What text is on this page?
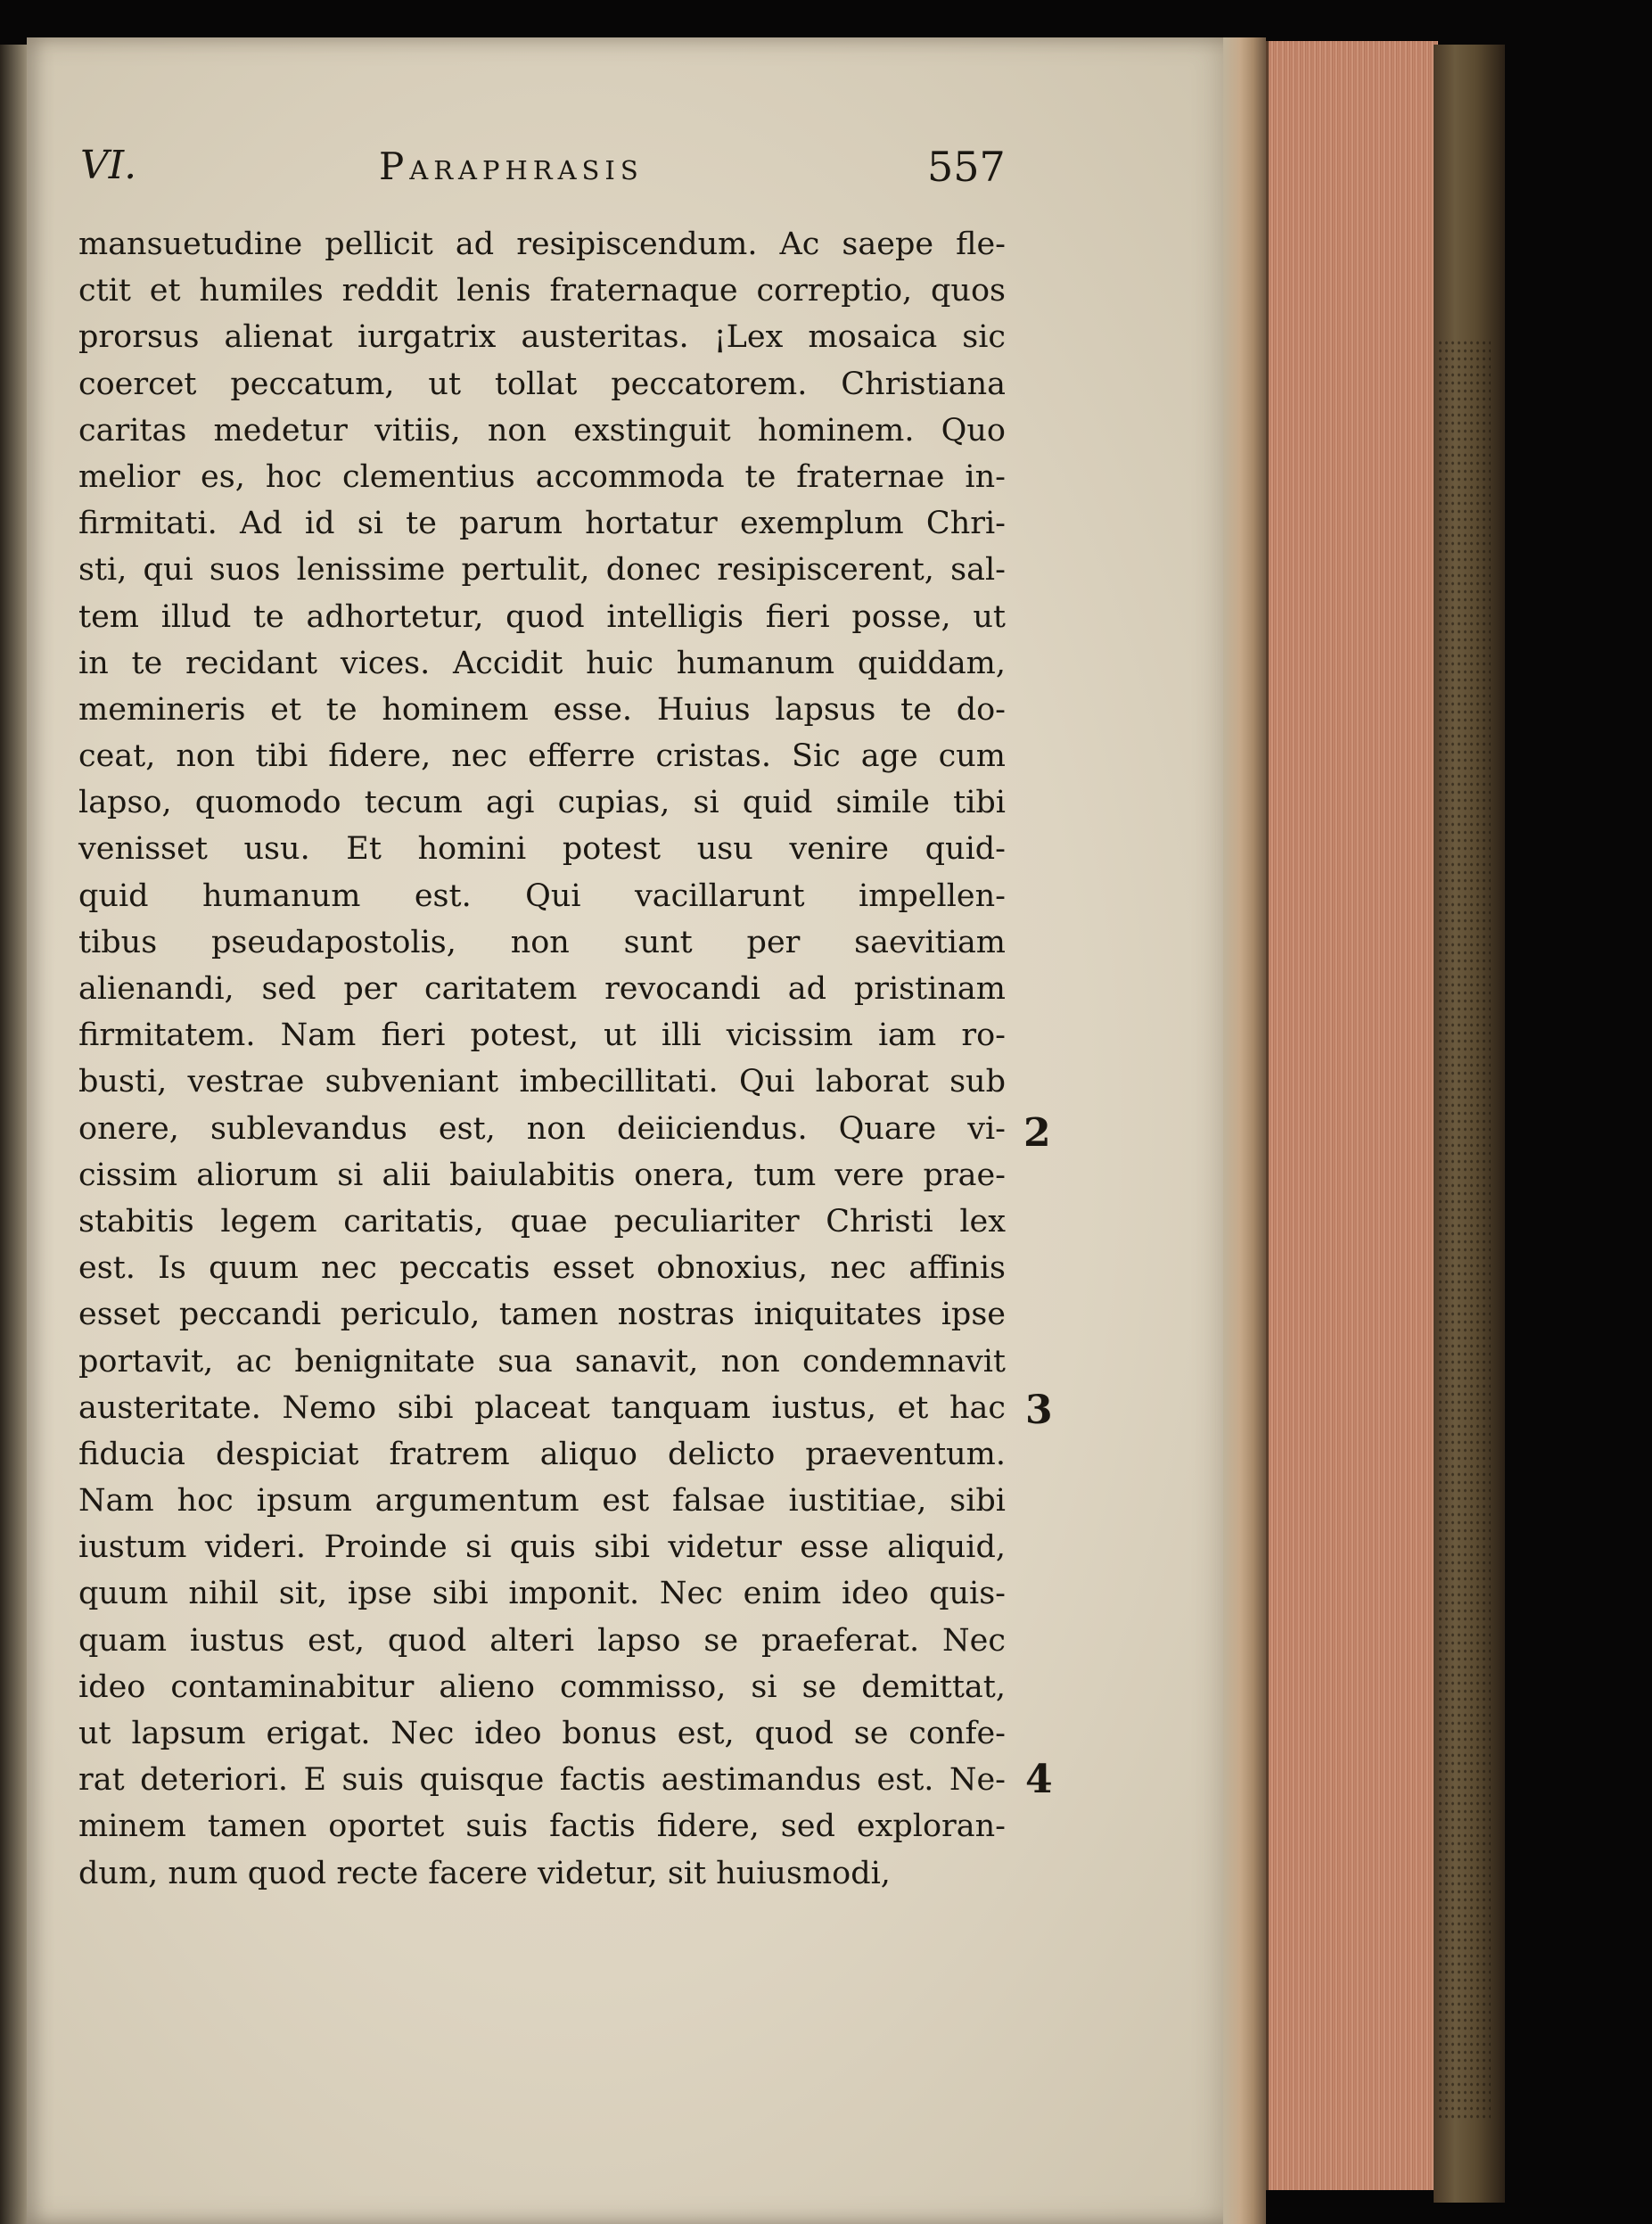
VI.	Paraphrasis	557
mansuetudine pellicit ad resipiscendum. Ac saepe fle-
ctit et humiles reddit lenis fraternaque correptio, quos
prorsus alienat iurgatrix austeritas. ¡Lex mosaica sic
coercet peccatum, ut tollat peccatorem. Christiana
caritas medetur vitiis, non exstinguit hominem. Quo
melior es, hoc clementius accommoda te fraternae in-
firmitati. Ad id si te parum hortatur exemplum Chri-
sti, qui suos lenissime pertulit, donec resipiscerent, sal-
tem illud te adhortetur, quod intelligis fieri posse, ut
in te recidant vices. Accidit huic humanum quiddam,
memineris et te hominem esse. Huius lapsus te do-
ceat, non tibi fidere, nec efferre cristas. Sic age cum
lapso, quomodo tecum agi cupias, si quid simile tibi
venisset usu. Et homini potest usu venire quid-
quid humanum est. Qui vacillarunt impellen-
tibus pseudapostolis, non sunt per saevitiam
alienandi, sed per caritatem revocandi ad pristinam
firmitatem. Nam fieri potest, ut illi vicissim iam ro-
busti, vestrae subveniant imbecillitati. Qui laborat sub
onere, sublevandus est, non deiiciendus. Quare vi-
cissim aliorum si alii baiulabitis onera, tum vere prae-
stabitis legem caritatis, quae peculiariter Christi lex
est. Is quum nec peccatis esset obnoxius, nec affinis
esset peccandi periculo, tamen nostras iniquitates ipse
portavit, ac benignitate sua sanavit, non condemnavit
austeritate. Nemo sibi placeat tanquam iustus, et hac
fiducia despiciat fratrem aliquo delicto praeventum.
Nam hoc ipsum argumentum est falsae iustitiae, sibi
iustum videri. Proinde si quis sibi videtur esse aliquid,
quum nihil sit, ipse sibi imponit. Nec enim ideo quis-
quam iustus est, quod alteri lapso se praeferat. Nec
ideo contaminabitur alieno commisso, si se demittat,
ut lapsum erigat. Nec ideo bonus est, quod se confe-
rat deteriori. E suis quisque factis aestimandus est. Ne-
minem tamen oportet suis factis fidere, sed exploran-
dum, num quod recte facere videtur, sit huiusmodi,
2
3
4
